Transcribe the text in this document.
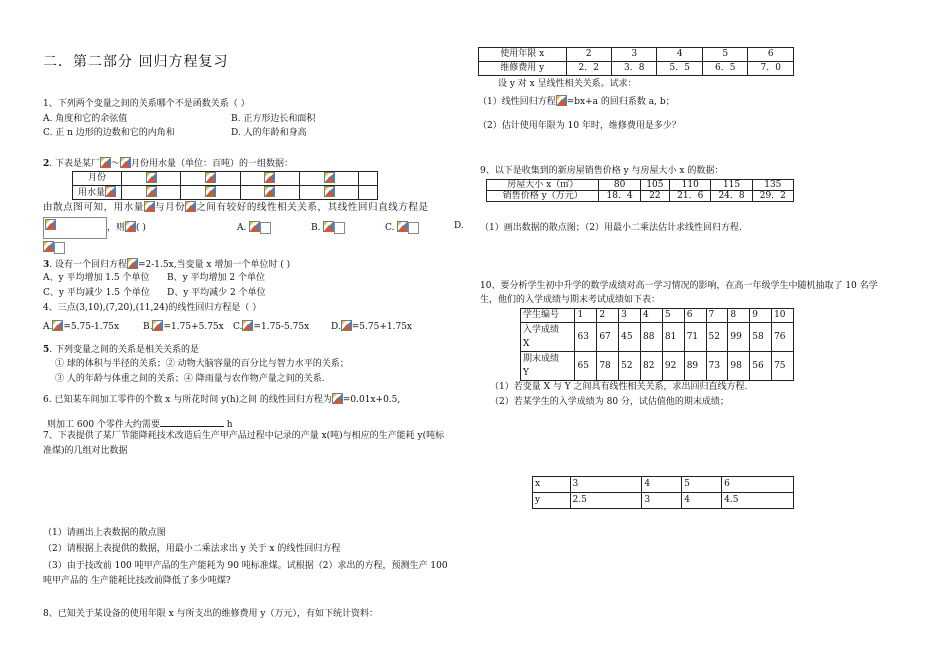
二．第二部分 回归方程复习
1、下列两个变量之间的关系哪个不是函数关系（ ）
A. 角度和它的余弦值	B. 正方形边长和面积
C. 正 n 边形的边数和它的内角和	D. 人的年龄和身高
2. 下表是某厂 ～ 月份用水量（单位：百吨）的一组数据：
月份					
用水量					
由散点图可知，用水量 与月份 之间有较好的线性相关关系，其线性回归直线方程是
，则 ( )	A.	B.	C.	D.
3. 设有一个回归方程 =2-1.5x,当变量 x 增加一个单位时 ( )
A、y 平均增加 1.5 个单位 B、y 平均增加 2 个单位
C、y 平均减少 1.5 个单位 D、y 平均减少 2 个单位
4、三点(3,10),(7,20),(11,24)的线性回归方程是（ ）
A. =5.75-1.75x	B. =1.75+5.75x C. =1.75-5.75x D. =5.75+1.75x
5. 下列变量之间的关系是相关关系的是
① 球的体积与半径的关系；② 动物大脑容量的百分比与智力水平的关系；
③ 人的年龄与体重之间的关系；④ 降雨量与农作物产量之间的关系.
6. 已知某车间加工零件的个数 x 与所花时间 y(h)之间 的线性回归方程为 =0.01x+0.5,
则加工 600 个零件大约需要	h
7、下表提供了某厂节能降耗技术改造后生产甲产品过程中记录的产量 x(吨)与相应的生产能耗 y(吨标
准煤)的几组对比数据
（1）请画出上表数据的散点图
（2）请根据上表提供的数据，用最小二乘法求出 y 关于 x 的线性回归方程
（3）由于技改前 100 吨甲产品的生产能耗为 90 吨标准煤。试根据（2）求出的方程，预测生产 100
吨甲产品的 生产能耗比技改前降低了多少吨煤?
8、已知关于某设备的使用年限 x 与所支出的维修费用 y（万元），有如下统计资料：
使用年限 x	2	3	4	5	6
维修费用 y	2．2	3．8	5．5	6．5	7．0
设 y 对 x 呈线性相关关系。试求：
（1）线性回归方程 =bx+a 的回归系数 a, b；
（2）估计使用年限为 10 年时，维修费用是多少？
9、以下是收集到的新房屋销售价格 y 与房屋大小 x 的数据：
房屋大小 x（㎡）	80	105	110	115	135
销售价格 y（万元）	18．4	22	21．6	24．8	29．2
（1）画出数据的散点图；（2）用最小二乘法估计求线性回归方程.
10、要分析学生初中升学的数学成绩对高一学习情况的影响，在高一年级学生中随机抽取了 10 名学
生，他们的入学成绩与期末考试成绩如下表：
学生编号	1	2	3	4	5	6	7	8	9	10

入学成绩
X	63	67	45	88	81	71	52	99	58	76

期末成绩
Y	65	78	52	82	92	89	73	98	56	75
（1）若变量 X 与 Y 之间具有线性相关关系，求出回归直线方程.
（2）若某学生的入学成绩为 80 分，试估值他的期末成绩；
x	3	4	5	6
y	2.5	3	4	4.5
